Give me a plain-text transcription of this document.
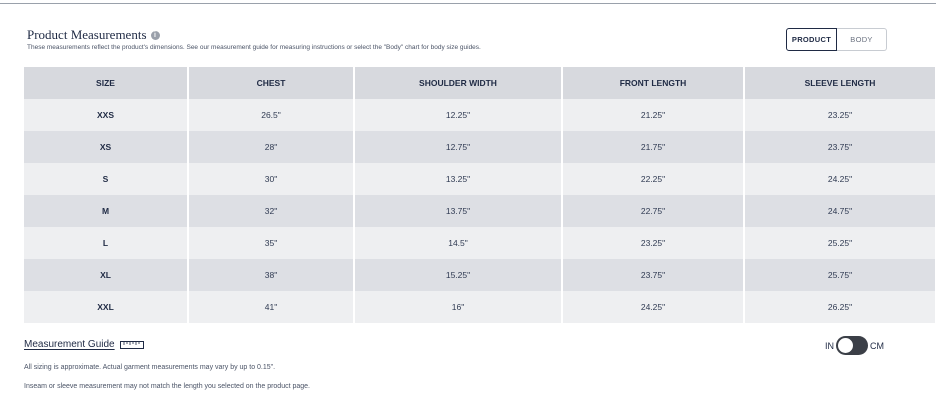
Product Measurements	i
These measurements reflect the product's dimensions. See our measurement guide for measuring instructions or select the "Body" chart for body size guides.
PRODUCT	BODY
SIZE	CHEST	SHOULDER WIDTH	FRONT LENGTH	SLEEVE LENGTH
XXS	26.5"	12.25"	21.25"	23.25"
XS	28"	12.75"	21.75"	23.75"
S	30"	13.25"	22.25"	24.25"
M	32"	13.75"	22.75"	24.75"
L	35"	14.5"	23.25"	25.25"
XL	38"	15.25"	23.75"	25.75"
XXL	41"	16"	24.25"	26.25"
Measurement Guide	IN	CM
All sizing is approximate. Actual garment measurements may vary by up to 0.15".
Inseam or sleeve measurement may not match the length you selected on the product page.
